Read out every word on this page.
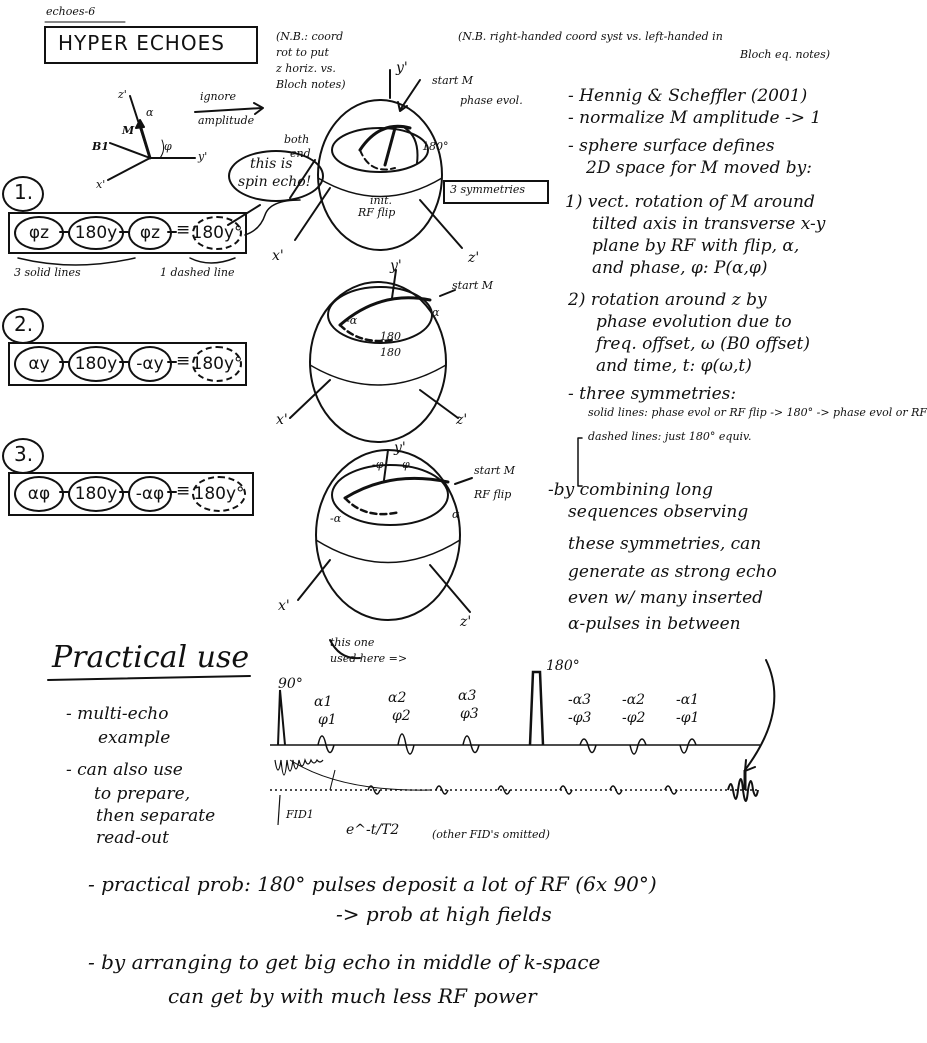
echoes-6
HYPER ECHOES	(N.B.: coord
rot to put
z horiz. vs.
Bloch notes)
(N.B. right-handed coord syst vs. left-handed in
Bloch eq. notes)
z'
y'
x'
α
φ
M
B1
ignore
amplitude
this is
spin echo!
both
end
y'
x'	z'
start M
phase evol.
init.
RF flip
180°
3 symmetries
y'
x'	z'
start M
-α
α
180
180
y'
x'
z'
start M
RF flip
-α	α
-φ φ
this one
used here =>
1.
φz	180y	φz ≡ 180y°
3 solid lines	1 dashed line
2.
αy	180y	-αy ≡ 180y°
3.
αφ	180y	-αφ ≡ 180y°
- Hennig & Scheffler (2001)
- normalize M amplitude -> 1
- sphere surface defines
2D space for M moved by:
1) vect. rotation of M around
tilted axis in transverse x-y
plane by RF with flip, α,
and phase, φ: P(α,φ)
2) rotation around z by
phase evolution due to
freq. offset, ω (B0 offset)
and time, t: φ(ω,t)
- three symmetries:
solid lines: phase evol or RF flip -> 180° -> phase evol or RF
dashed lines: just 180° equiv.
-by combining long
sequences observing
these symmetries, can
generate as strong echo
even w/ many inserted
α-pulses in between
Practical use
- multi-echo
example
- can also use
to prepare,
then separate
read-out
90°
α1
φ1
α2
φ2
α3
φ3
180°
-α3
-φ3
-α2
-φ2
-α1
-φ1
FID1
e^-t/T2	(other FID's omitted)
- practical prob: 180° pulses deposit a lot of RF (6x 90°)
-> prob at high fields
- by arranging to get big echo in middle of k-space
can get by with much less RF power
